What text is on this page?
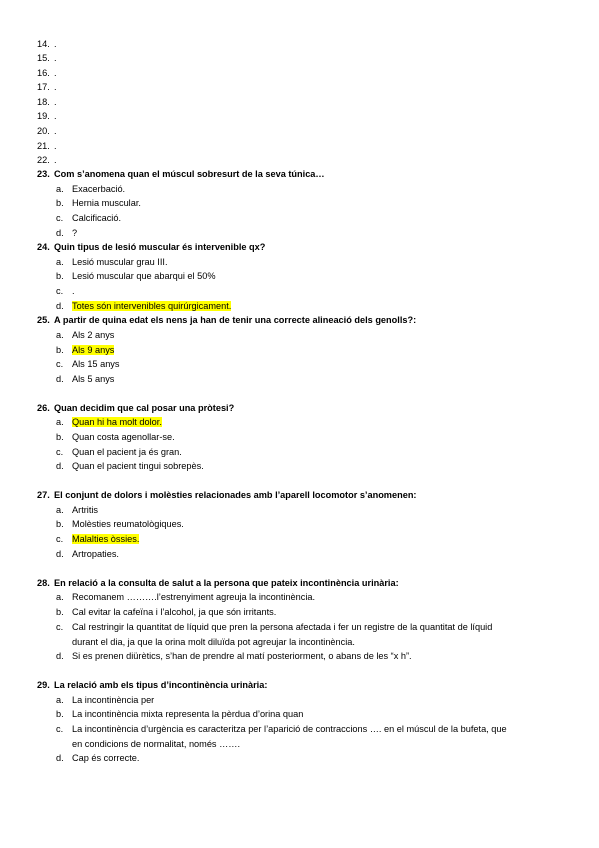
14. .
15. .
16. .
17. .
18. .
19. .
20. .
21. .
22. .
23. Com s’anomena quan el múscul sobresurt de la seva túnica…
a. Exacerbació.
b. Hernia muscular.
c. Calcificació.
d. ?
24. Quin tipus de lesió muscular és intervenible qx?
a. Lesió muscular grau III.
b. Lesió muscular que abarqui el 50%
c. .
d. Totes són intervenibles quirúrgicament.
25. A partir de quina edat els nens ja han de tenir una correcte alineació dels genolls?:
a. Als 2 anys
b. Als 9 anys
c. Als 15 anys
d. Als 5 anys
26. Quan decidim que cal posar una pròtesi?
a. Quan hi ha molt dolor.
b. Quan costa agenollar-se.
c. Quan el pacient ja és gran.
d. Quan el pacient tingui sobrepès.
27. El conjunt de dolors i molèsties relacionades amb l’aparell locomotor s’anomenen:
a. Artritis
b. Molèsties reumatològiques.
c. Malalties òssies.
d. Artropaties.
28. En relació a la consulta de salut a la persona que pateix incontinència urinària:
a. Recomanem ……….l’estrenyiment agreuja la incontinència.
b. Cal evitar la cafeïna i l’alcohol, ja que són irritants.
c. Cal restringir la quantitat de líquid que pren la persona afectada i fer un registre de la quantitat de líquid
durant el dia, ja que la orina molt diluïda pot agreujar la incontinència.
d. Si es prenen diürètics, s’han de prendre al matí posteriorment, o abans de les “x h”.
29. La relació amb els tipus d’incontinència urinària:
a. La incontinència per
b. La incontinència mixta representa la pèrdua d’orina quan
c. La incontinència d’urgència es caracteritza per l’aparició de contraccions …. en el múscul de la bufeta, que
en condicions de normalitat, només …….
d. Cap és correcte.
